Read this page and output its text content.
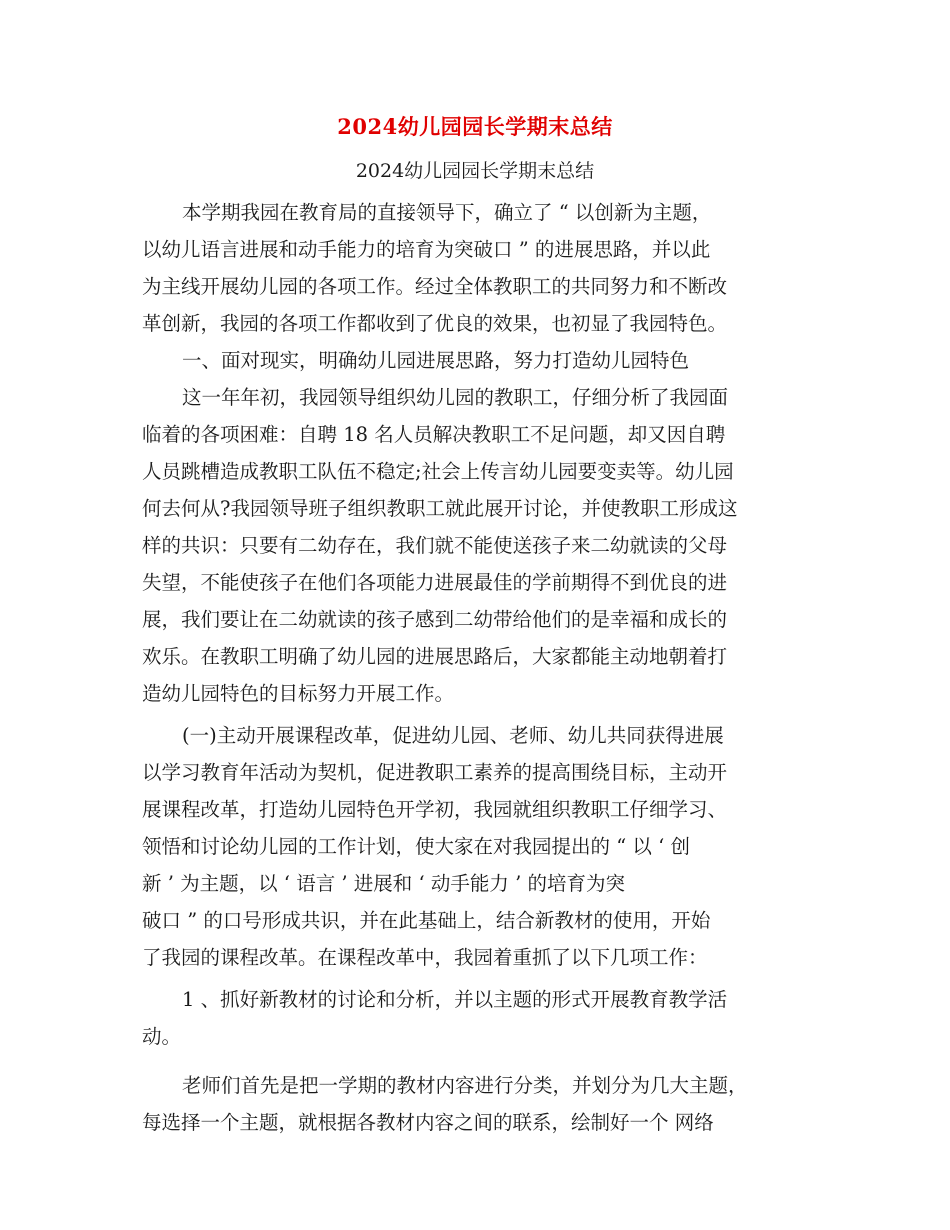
2024幼儿园园长学期末总结
2024幼儿园园长学期末总结
本学期我园在教育局的直接领导下，确立了 “ 以创新为主题，
以幼儿语言进展和动手能力的培育为突破口 ” 的进展思路，并以此
为主线开展幼儿园的各项工作。经过全体教职工的共同努力和不断改
革创新，我园的各项工作都收到了优良的效果，也初显了我园特色。
一、面对现实，明确幼儿园进展思路，努力打造幼儿园特色
这一年年初，我园领导组织幼儿园的教职工，仔细分析了我园面
临着的各项困难：自聘 18 名人员解决教职工不足问题，却又因自聘
人员跳槽造成教职工队伍不稳定;社会上传言幼儿园要变卖等。幼儿园
何去何从?我园领导班子组织教职工就此展开讨论，并使教职工形成这
样的共识：只要有二幼存在，我们就不能使送孩子来二幼就读的父母
失望，不能使孩子在他们各项能力进展最佳的学前期得不到优良的进
展，我们要让在二幼就读的孩子感到二幼带给他们的是幸福和成长的
欢乐。在教职工明确了幼儿园的进展思路后，大家都能主动地朝着打
造幼儿园特色的目标努力开展工作。
(一)主动开展课程改革，促进幼儿园、老师、幼儿共同获得进展
以学习教育年活动为契机，促进教职工素养的提高围绕目标，主动开
展课程改革，打造幼儿园特色开学初，我园就组织教职工仔细学习、
领悟和讨论幼儿园的工作计划，使大家在对我园提出的 “ 以 ‘ 创
新 ’ 为主题，以 ‘ 语言 ’ 进展和 ‘ 动手能力 ’ 的培育为突
破口 ” 的口号形成共识，并在此基础上，结合新教材的使用，开始
了我园的课程改革。在课程改革中，我园着重抓了以下几项工作：
1 、抓好新教材的讨论和分析，并以主题的形式开展教育教学活
动。
老师们首先是把一学期的教材内容进行分类，并划分为几大主题，
每选择一个主题，就根据各教材内容之间的联系，绘制好一个 网络
